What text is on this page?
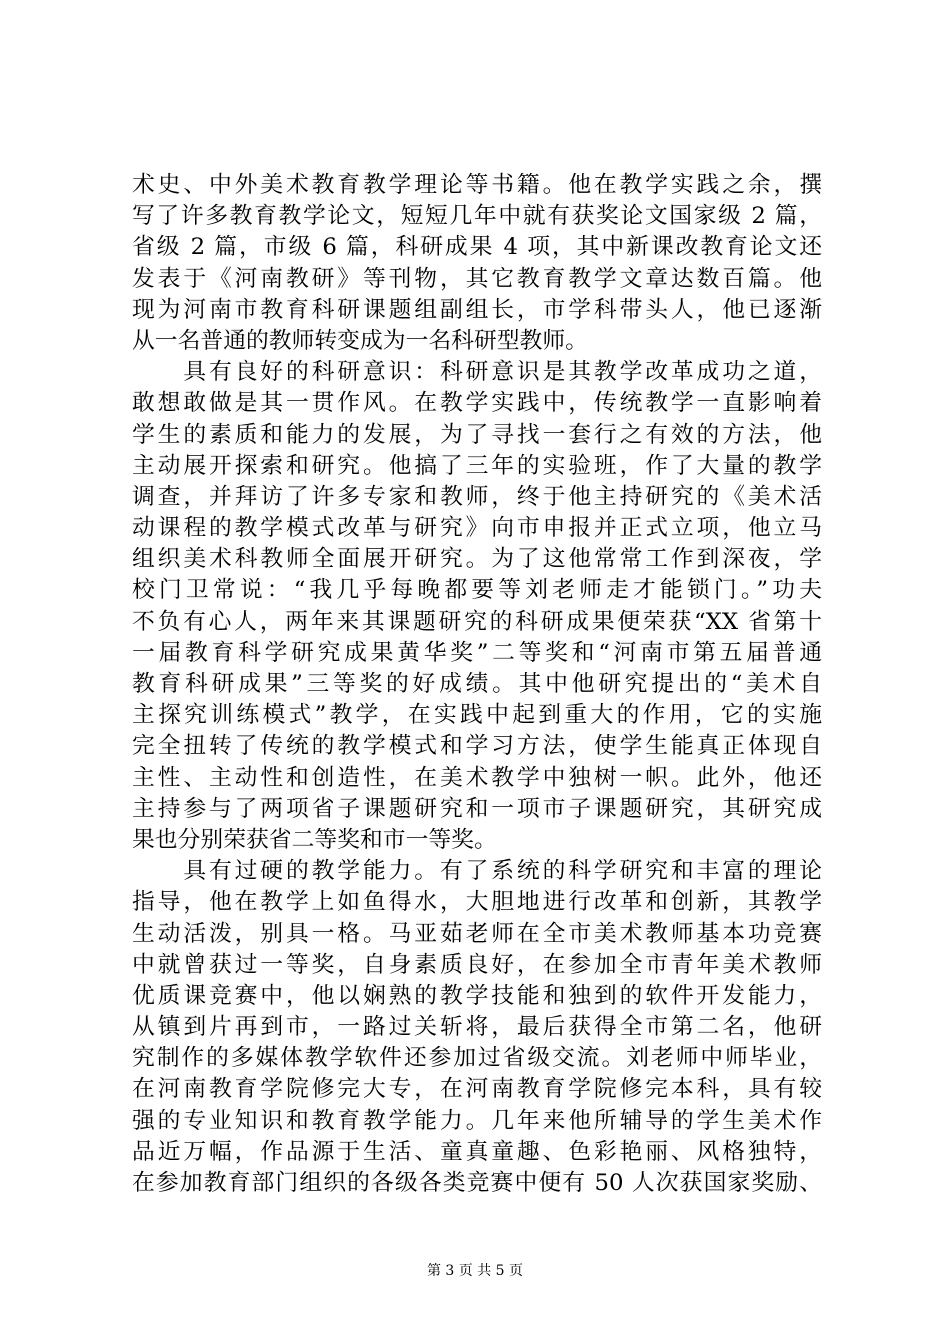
术史、中外美术教育教学理论等书籍。他在教学实践之余，撰
写了许多教育教学论文，短短几年中就有获奖论文国家级 2 篇，
省级 2 篇，市级 6 篇，科研成果 4 项，其中新课改教育论文还
发表于《河南教研》等刊物，其它教育教学文章达数百篇。他
现为河南市教育科研课题组副组长，市学科带头人，他已逐渐
从一名普通的教师转变成为一名科研型教师。
　　具有良好的科研意识：科研意识是其教学改革成功之道，
敢想敢做是其一贯作风。在教学实践中，传统教学一直影响着
学生的素质和能力的发展，为了寻找一套行之有效的方法，他
主动展开探索和研究。他搞了三年的实验班，作了大量的教学
调查，并拜访了许多专家和教师，终于他主持研究的《美术活
动课程的教学模式改革与研究》向市申报并正式立项，他立马
组织美术科教师全面展开研究。为了这他常常工作到深夜，学
校门卫常说：“我几乎每晚都要等刘老师走才能锁门。”功夫
不负有心人，两年来其课题研究的科研成果便荣获“XX 省第十
一届教育科学研究成果黄华奖”二等奖和“河南市第五届普通
教育科研成果”三等奖的好成绩。其中他研究提出的“美术自
主探究训练模式”教学，在实践中起到重大的作用，它的实施
完全扭转了传统的教学模式和学习方法，使学生能真正体现自
主性、主动性和创造性，在美术教学中独树一帜。此外，他还
主持参与了两项省子课题研究和一项市子课题研究，其研究成
果也分别荣获省二等奖和市一等奖。
　　具有过硬的教学能力。有了系统的科学研究和丰富的理论
指导，他在教学上如鱼得水，大胆地进行改革和创新，其教学
生动活泼，别具一格。马亚茹老师在全市美术教师基本功竞赛
中就曾获过一等奖，自身素质良好，在参加全市青年美术教师
优质课竞赛中，他以娴熟的教学技能和独到的软件开发能力，
从镇到片再到市，一路过关斩将，最后获得全市第二名，他研
究制作的多媒体教学软件还参加过省级交流。刘老师中师毕业，
在河南教育学院修完大专，在河南教育学院修完本科，具有较
强的专业知识和教育教学能力。几年来他所辅导的学生美术作
品近万幅，作品源于生活、童真童趣、色彩艳丽、风格独特，
在参加教育部门组织的各级各类竞赛中便有 50 人次获国家奖励、
第 3 页 共 5 页
